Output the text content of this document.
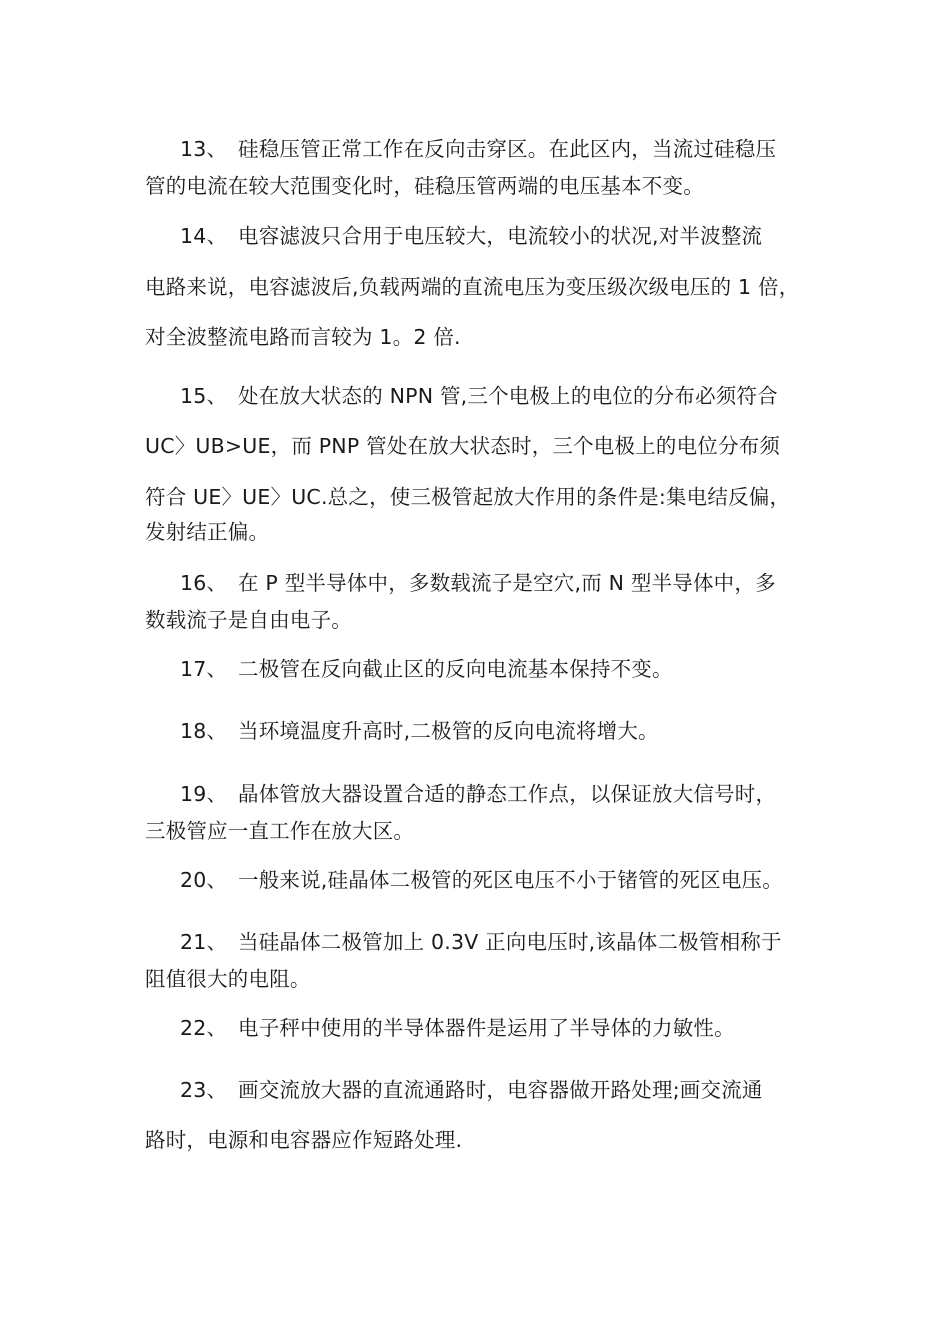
13、 硅稳压管正常工作在反向击穿区。在此区内，当流过硅稳压
管的电流在较大范围变化时，硅稳压管两端的电压基本不变。
14、 电容滤波只合用于电压较大，电流较小的状况,对半波整流
电路来说，电容滤波后,负载两端的直流电压为变压级次级电压的 1 倍，
对全波整流电路而言较为 1。2 倍.
15、 处在放大状态的 NPN 管,三个电极上的电位的分布必须符合
UC〉UB>UE，而 PNP 管处在放大状态时，三个电极上的电位分布须
符合 UE〉UE〉UC.总之，使三极管起放大作用的条件是:集电结反偏，
发射结正偏。
16、 在 P 型半导体中，多数载流子是空穴,而 N 型半导体中，多
数载流子是自由电子。
17、 二极管在反向截止区的反向电流基本保持不变。
18、 当环境温度升高时,二极管的反向电流将增大。
19、 晶体管放大器设置合适的静态工作点，以保证放大信号时，
三极管应一直工作在放大区。
20、 一般来说,硅晶体二极管的死区电压不小于锗管的死区电压。
21、 当硅晶体二极管加上 0.3V 正向电压时,该晶体二极管相称于
阻值很大的电阻。
22、 电子秤中使用的半导体器件是运用了半导体的力敏性。
23、 画交流放大器的直流通路时，电容器做开路处理;画交流通
路时，电源和电容器应作短路处理.
